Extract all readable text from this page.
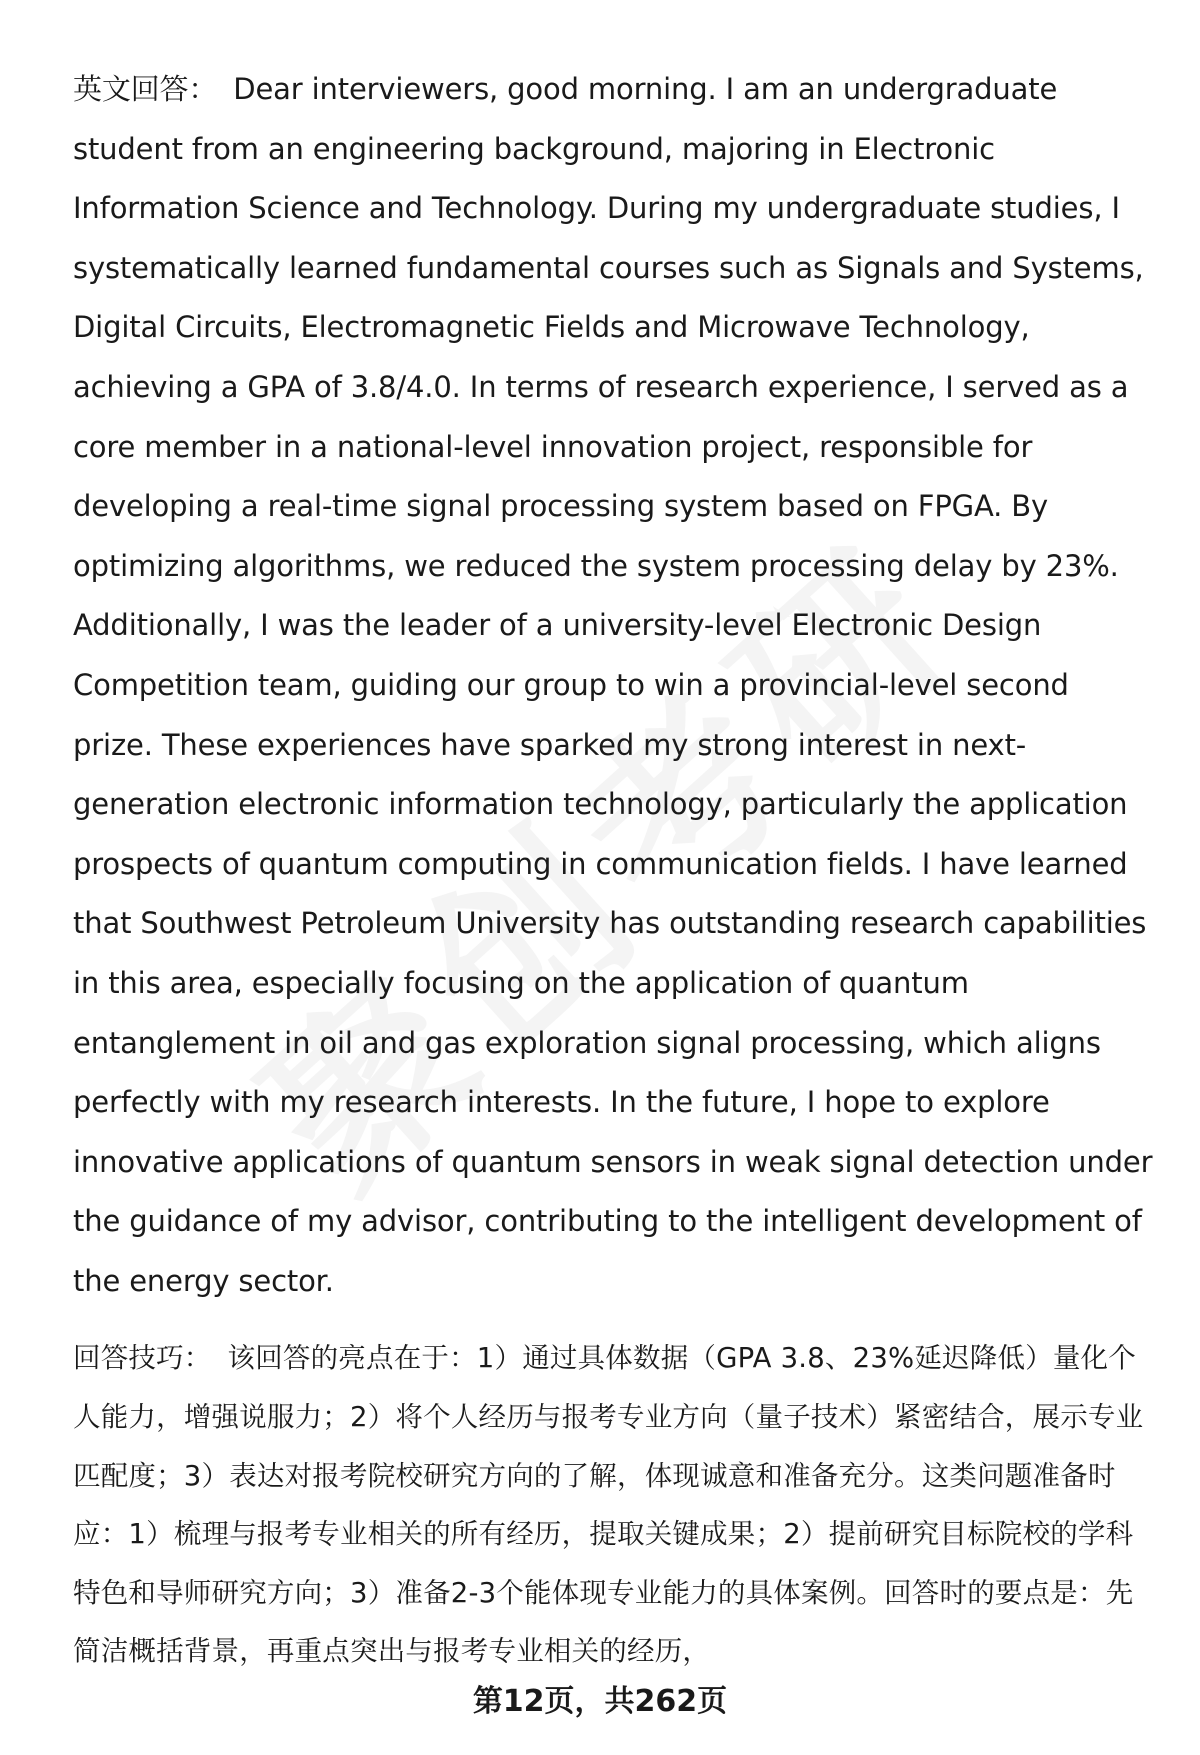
英文回答： Dear interviewers, good morning. I am an undergraduate student from an engineering background, majoring in Electronic Information Science and Technology. During my undergraduate studies, I systematically learned fundamental courses such as Signals and Systems, Digital Circuits, Electromagnetic Fields and Microwave Technology, achieving a GPA of 3.8/4.0. In terms of research experience, I served as a core member in a national-level innovation project, responsible for developing a real-time signal processing system based on FPGA. By optimizing algorithms, we reduced the system processing delay by 23%. Additionally, I was the leader of a university-level Electronic Design Competition team, guiding our group to win a provincial-level second prize. These experiences have sparked my strong interest in next-generation electronic information technology, particularly the application prospects of quantum computing in communication fields. I have learned that Southwest Petroleum University has outstanding research capabilities in this area, especially focusing on the application of quantum entanglement in oil and gas exploration signal processing, which aligns perfectly with my research interests. In the future, I hope to explore innovative applications of quantum sensors in weak signal detection under the guidance of my advisor, contributing to the intelligent development of the energy sector.

回答技巧： 该回答的亮点在于：1）通过具体数据（GPA 3.8、23%延迟降低）量化个人能力，增强说服力；2）将个人经历与报考专业方向（量子技术）紧密结合，展示专业匹配度；3）表达对报考院校研究方向的了解，体现诚意和准备充分。这类问题准备时应：1）梳理与报考专业相关的所有经历，提取关键成果；2）提前研究目标院校的学科特色和导师研究方向；3）准备2-3个能体现专业能力的具体案例。回答时的要点是：先简洁概括背景，再重点突出与报考专业相关的经历，

第12页，共262页
